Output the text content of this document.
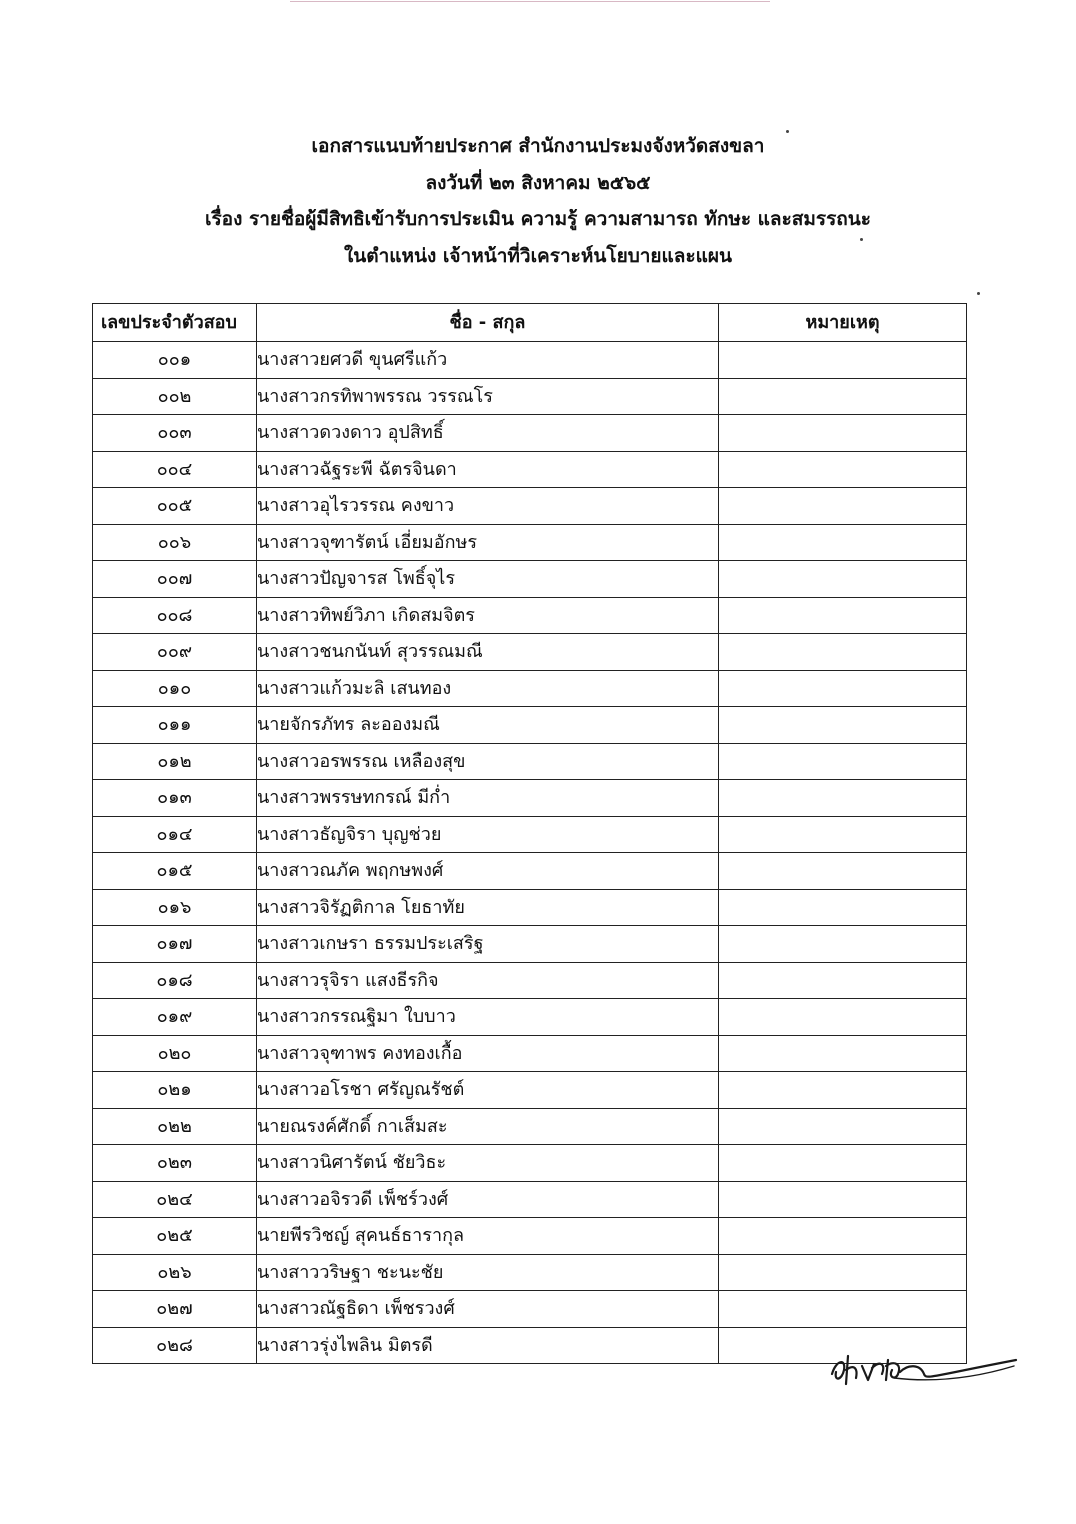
เอกสารแนบท้ายประกาศ สำนักงานประมงจังหวัดสงขลา
ลงวันที่ ๒๓ สิงหาคม ๒๕๖๕
เรื่อง รายชื่อผู้มีสิทธิเข้ารับการประเมิน ความรู้ ความสามารถ ทักษะ และสมรรถนะ
ในตำแหน่ง เจ้าหน้าที่วิเคราะห์นโยบายและแผน
เลขประจำตัวสอบ	ชื่อ - สกุล	หมายเหตุ
๐๐๑	นางสาวยศวดี ขุนศรีแก้ว	
๐๐๒	นางสาวกรทิพาพรรณ วรรณโร	
๐๐๓	นางสาวดวงดาว อุปสิทธิ์	
๐๐๔	นางสาวฉัฐระพี ฉัตรจินดา	
๐๐๕	นางสาวอุไรวรรณ คงขาว	
๐๐๖	นางสาวจุฑารัตน์ เอี่ยมอักษร	
๐๐๗	นางสาวปัญจารส โพธิ์จุไร	
๐๐๘	นางสาวทิพย์วิภา เกิดสมจิตร	
๐๐๙	นางสาวชนกนันท์ สุวรรณมณี	
๐๑๐	นางสาวแก้วมะลิ เสนทอง	
๐๑๑	นายจักรภัทร ละอองมณี	
๐๑๒	นางสาวอรพรรณ เหลืองสุข	
๐๑๓	นางสาวพรรษทกรณ์ มีก่ำ	
๐๑๔	นางสาวธัญจิรา บุญช่วย	
๐๑๕	นางสาวณภัค พฤกษพงศ์	
๐๑๖	นางสาวจิรัฏติกาล โยธาทัย	
๐๑๗	นางสาวเกษรา ธรรมประเสริฐ	
๐๑๘	นางสาวรุจิรา แสงธีรกิจ	
๐๑๙	นางสาวกรรณฐิมา ใบบาว	
๐๒๐	นางสาวจุฑาพร คงทองเกื้อ	
๐๒๑	นางสาวอโรชา ศรัญณรัชต์	
๐๒๒	นายณรงค์ศักดิ์ กาเส็มสะ	
๐๒๓	นางสาวนิศารัตน์ ชัยวิธะ	
๐๒๔	นางสาวอจิรวดี เพ็ชร์วงศ์	
๐๒๕	นายพีรวิชญ์ สุคนธ์ธารากุล	
๐๒๖	นางสาววริษฐา ชะนะชัย	
๐๒๗	นางสาวณัฐธิดา เพ็ชรวงศ์	
๐๒๘	นางสาวรุ่งไพลิน มิตรดี	
